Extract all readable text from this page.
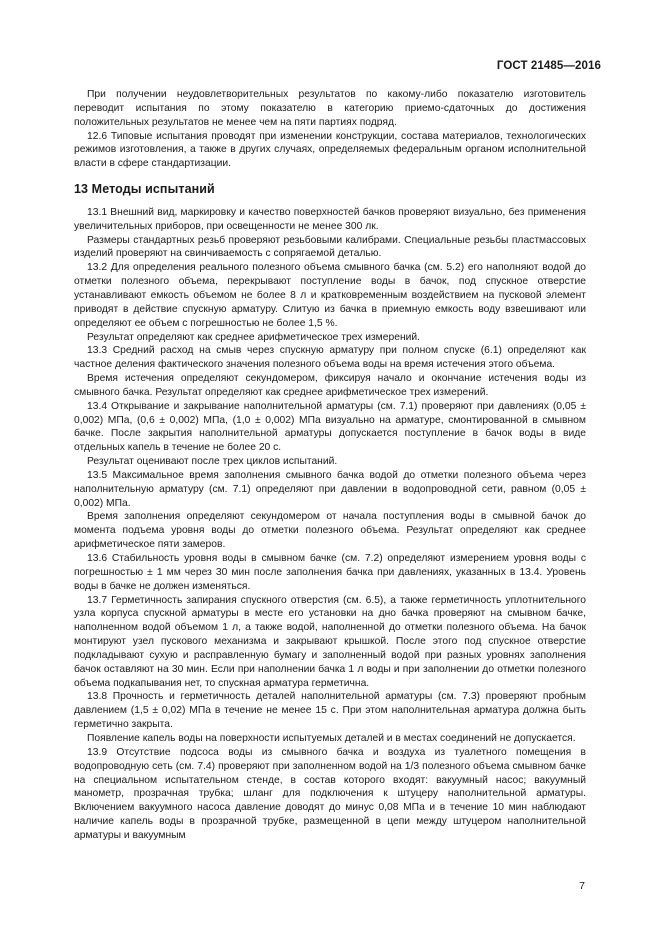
ГОСТ 21485—2016

При получении неудовлетворительных результатов по какому-либо показателю изготовитель переводит испытания по этому показателю в категорию приемо-сдаточных до достижения положительных результатов не менее чем на пяти партиях подряд.

12.6 Типовые испытания проводят при изменении конструкции, состава материалов, технологических режимов изготовления, а также в других случаях, определяемых федеральным органом исполнительной власти в сфере стандартизации.

13 Методы испытаний

13.1 Внешний вид, маркировку и качество поверхностей бачков проверяют визуально, без применения увеличительных приборов, при освещенности не менее 300 лк.

Размеры стандартных резьб проверяют резьбовыми калибрами. Специальные резьбы пластмассовых изделий проверяют на свинчиваемость с сопрягаемой деталью.

13.2 Для определения реального полезного объема смывного бачка (см. 5.2) его наполняют водой до отметки полезного объема, перекрывают поступление воды в бачок, под спускное отверстие устанавливают емкость объемом не более 8 л и кратковременным воздействием на пусковой элемент приводят в действие спускную арматуру. Слитую из бачка в приемную емкость воду взвешивают или определяют ее объем с погрешностью не более 1,5 %.

Результат определяют как среднее арифметическое трех измерений.

13.3 Средний расход на смыв через спускную арматуру при полном спуске (6.1) определяют как частное деления фактического значения полезного объема воды на время истечения этого объема.

Время истечения определяют секундомером, фиксируя начало и окончание истечения воды из смывного бачка. Результат определяют как среднее арифметическое трех измерений.

13.4 Открывание и закрывание наполнительной арматуры (см. 7.1) проверяют при давлениях (0,05 ± 0,002) МПа, (0,6 ± 0,002) МПа, (1,0 ± 0,002) МПа визуально на арматуре, смонтированной в смывном бачке. После закрытия наполнительной арматуры допускается поступление в бачок воды в виде отдельных капель в течение не более 20 с.

Результат оценивают после трех циклов испытаний.

13.5 Максимальное время заполнения смывного бачка водой до отметки полезного объема через наполнительную арматуру (см. 7.1) определяют при давлении в водопроводной сети, равном (0,05 ± 0,002) МПа.

Время заполнения определяют секундомером от начала поступления воды в смывной бачок до момента подъема уровня воды до отметки полезного объема. Результат определяют как среднее арифметическое пяти замеров.

13.6 Стабильность уровня воды в смывном бачке (см. 7.2) определяют измерением уровня воды с погрешностью ± 1 мм через 30 мин после заполнения бачка при давлениях, указанных в 13.4. Уровень воды в бачке не должен изменяться.

13.7 Герметичность запирания спускного отверстия (см. 6.5), а также герметичность уплотнительного узла корпуса спускной арматуры в месте его установки на дно бачка проверяют на смывном бачке, наполненном водой объемом 1 л, а также водой, наполненной до отметки полезного объема. На бачок монтируют узел пускового механизма и закрывают крышкой. После этого под спускное отверстие подкладывают сухую и расправленную бумагу и заполненный водой при разных уровнях заполнения бачок оставляют на 30 мин. Если при наполнении бачка 1 л воды и при заполнении до отметки полезного объема подкапывания нет, то спускная арматура герметична.

13.8 Прочность и герметичность деталей наполнительной арматуры (см. 7.3) проверяют пробным давлением (1,5 ± 0,02) МПа в течение не менее 15 с. При этом наполнительная арматура должна быть герметично закрыта.

Появление капель воды на поверхности испытуемых деталей и в местах соединений не допускается.

13.9 Отсутствие подсоса воды из смывного бачка и воздуха из туалетного помещения в водопроводную сеть (см. 7.4) проверяют при заполненном водой на 1/3 полезного объема смывном бачке на специальном испытательном стенде, в состав которого входят: вакуумный насос; вакуумный манометр, прозрачная трубка; шланг для подключения к штуцеру наполнительной арматуры. Включением вакуумного насоса давление доводят до минус 0,08 МПа и в течение 10 мин наблюдают наличие капель воды в прозрачной трубке, размещенной в цепи между штуцером наполнительной арматуры и вакуумным

7
